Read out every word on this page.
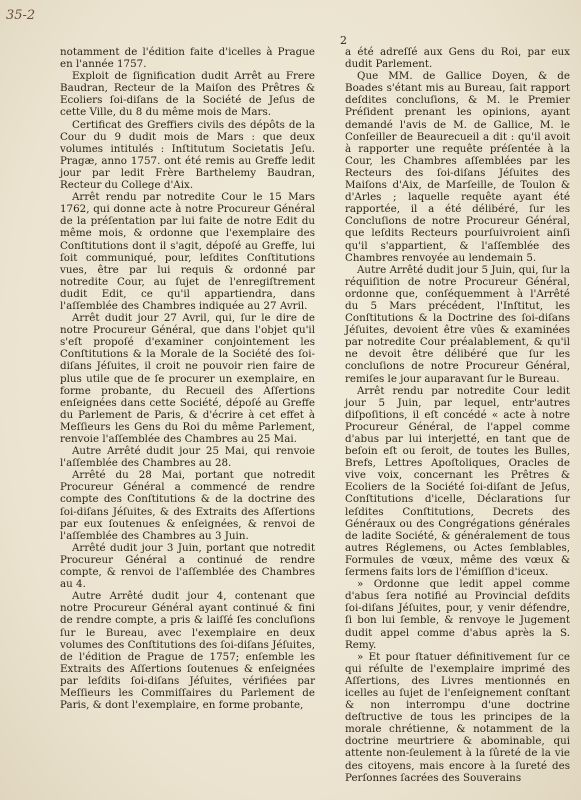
35-2
2

notamment de l'édition faite d'icelles à Prague en l'année 1757.

Exploit de ſignification dudit Arrêt au Frere Baudran, Recteur de la Maiſon des Prêtres & Ecoliers ſoi-diſans de la Société de Jeſus de cette Ville, du 8 du même mois de Mars.

Certificat des Greffiers civils des dépôts de la Cour du 9 dudit mois de Mars : que deux volumes intitulés : Inſtitutum Societatis Jeſu. Pragæ, anno 1757. ont été remis au Greffe ledit jour par ledit Frère Barthelemy Baudran, Recteur du College d'Aix.

Arrêt rendu par notredite Cour le 15 Mars 1762, qui donne acte à notre Procureur Général de la préſentation par lui faite de notre Edit du même mois, & ordonne que l'exemplaire des Conſtitutions dont il s'agit, dépoſé au Greffe, lui ſoit communiqué, pour, leſdites Conſtitutions vues, être par lui requis & ordonné par notredite Cour, au ſujet de l'enregiſtrement dudit Edit, ce qu'il appartiendra, dans l'aſſemblée des Chambres indiquée au 27 Avril.

Arrêt dudit jour 27 Avril, qui, ſur le dire de notre Procureur Général, que dans l'objet qu'il s'eſt propoſé d'examiner conjointement les Conſtitutions & la Morale de la Société des ſoi-diſans Jéſuites, il croit ne pouvoir rien faire de plus utile que de ſe procurer un exemplaire, en forme probante, du Recueil des Aſſertions enſeignées dans cette Société, dépoſé au Greffe du Parlement de Paris, & d'écrire à cet effet à Meſſieurs les Gens du Roi du même Parlement, renvoie l'aſſemblée des Chambres au 25 Mai.

Autre Arrêté dudit jour 25 Mai, qui renvoie l'aſſemblée des Chambres au 28.

Arrêté du 28 Mai, portant que notredit Procureur Général a commencé de rendre compte des Conſtitutions & de la doctrine des ſoi-diſans Jéſuites, & des Extraits des Aſſertions par eux ſoutenues & enſeignées, & renvoi de l'aſſemblée des Chambres au 3 Juin.

Arrêté dudit jour 3 Juin, portant que notredit Procureur Général a continué de rendre compte, & renvoi de l'aſſemblée des Chambres au 4.

Autre Arrêté dudit jour 4, contenant que notre Procureur Général ayant continué & fini de rendre compte, a pris & laiſſé ſes concluſions ſur le Bureau, avec l'exemplaire en deux volumes des Conſtitutions des ſoi-diſans Jéſuites, de l'édition de Prague de 1757; enſemble les Extraits des Aſſertions ſoutenues & enſeignées par leſdits ſoi-diſans Jéſuites, vérifiées par Meſſieurs les Commiſſaires du Parlement de Paris, & dont l'exemplaire, en forme probante,

a été adreſſé aux Gens du Roi, par eux dudit Parlement.

Que MM. de Gallice Doyen, & de Boades s'étant mis au Bureau, ſait rapport deſdites concluſions, & M. le Premier Préſident prenant les opinions, ayant demandé l'avis de M. de Gallice, M. le Conſeiller de Beaurecueil a dit : qu'il avoit à rapporter une requête préſentée à la Cour, les Chambres aſſemblées par les Recteurs des ſoi-diſans Jéſuites des Maiſons d'Aix, de Marſeille, de Toulon & d'Arles ; laquelle requête ayant été rapportée, il a été délibéré, ſur les Concluſions de notre Procureur Général, que leſdits Recteurs pourſuivroient ainſi qu'il s'appartient, & l'aſſemblée des Chambres renvoyée au lendemain 5.

Autre Arrêté dudit jour 5 Juin, qui, ſur la réquiſition de notre Procureur Général, ordonne que, conſéquemment à l'Arrêté du 5 Mars précédent, l'Inſtitut, les Conſtitutions & la Doctrine des ſoi-diſans Jéſuites, devoient être vûes & examinées par notredite Cour préalablement, & qu'il ne devoit être délibéré que ſur les concluſions de notre Procureur Général, remiſes le jour auparavant ſur le Bureau.

Arrêt rendu par notredite Cour ledit jour 5 Juin, par lequel, entr'autres diſpoſitions, il eſt concédé « acte à notre Procureur Général, de l'appel comme d'abus par lui interjetté, en tant que de beſoin eſt ou ſeroit, de toutes les Bulles, Brefs, Lettres Apoſtoliques, Oracles de vive voix, concernant les Prêtres & Ecoliers de la Société ſoi-diſant de Jeſus, Conſtitutions d'icelle, Déclarations ſur leſdites Conſtitutions, Decrets des Généraux ou des Congrégations générales de ladite Société, & généralement de tous autres Réglemens, ou Actes ſemblables, Formules de vœux, même des vœux & ſermens faits lors de l'émiſſion d'iceux.

» Ordonne que ledit appel comme d'abus ſera notifié au Provincial deſdits ſoi-diſans Jéſuites, pour, y venir défendre, ſi bon lui ſemble, & renvoye le Jugement dudit appel comme d'abus après la S. Remy.

» Et pour ſtatuer définitivement ſur ce qui réſulte de l'exemplaire imprimé des Aſſertions, des Livres mentionnés en icelles au ſujet de l'enſeignement conſtant & non interrompu d'une doctrine deſtructive de tous les principes de la morale chrétienne, & notamment de la doctrine meurtriere & abominable, qui attente non-ſeulement à la ſûreté de la vie des citoyens, mais encore à la ſureté des Perſonnes ſacrées des Souverains
